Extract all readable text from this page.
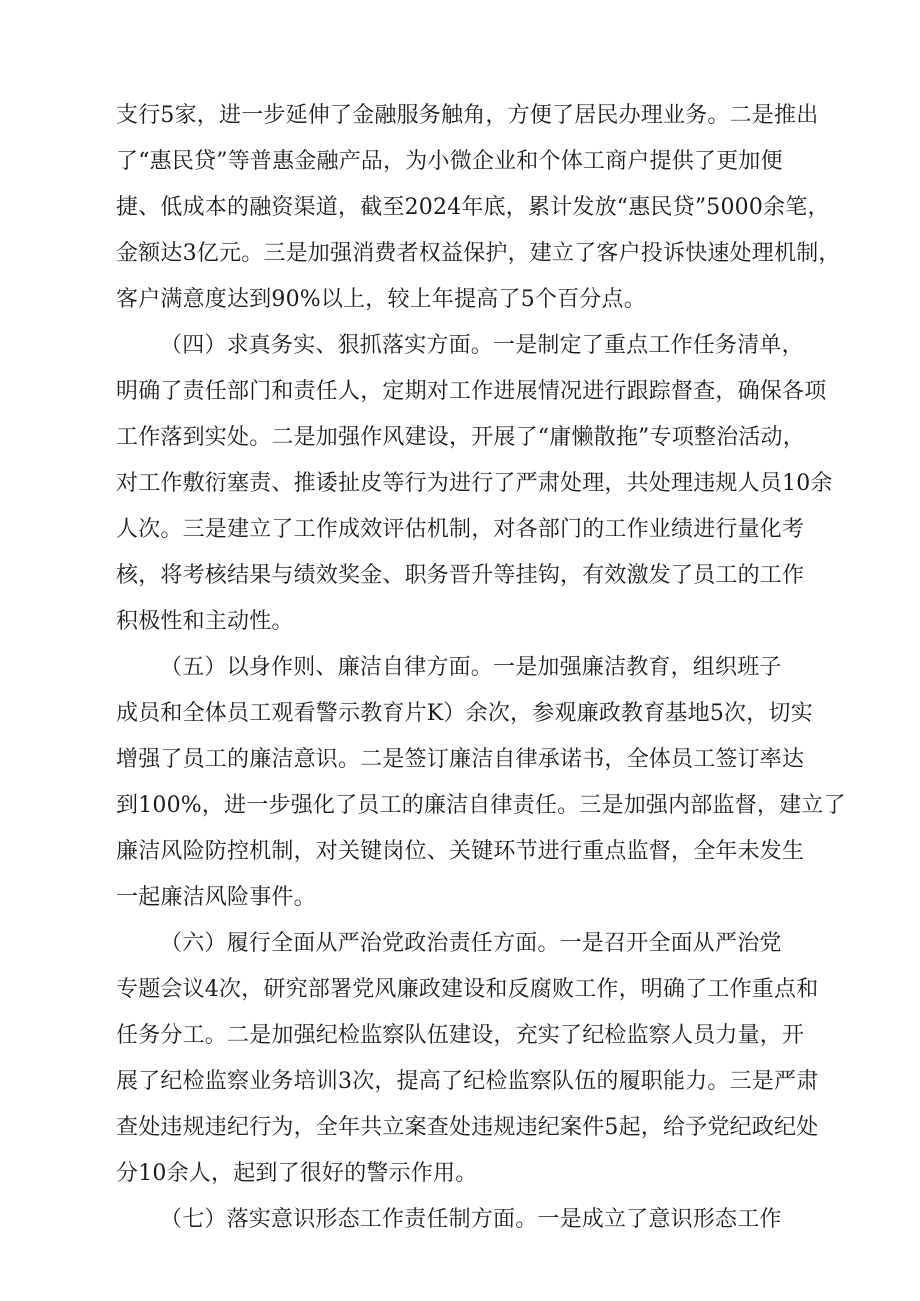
支行5家，进一步延伸了金融服务触角，方便了居民办理业务。二是推出
了“惠民贷”等普惠金融产品，为小微企业和个体工商户提供了更加便
捷、低成本的融资渠道，截至2024年底，累计发放“惠民贷”5000余笔，
金额达3亿元。三是加强消费者权益保护，建立了客户投诉快速处理机制，
客户满意度达到90%以上，较上年提高了5个百分点。
（四）求真务实、狠抓落实方面。一是制定了重点工作任务清单，
明确了责任部门和责任人，定期对工作进展情况进行跟踪督查，确保各项
工作落到实处。二是加强作风建设，开展了“庸懒散拖”专项整治活动，
对工作敷衍塞责、推诿扯皮等行为进行了严肃处理，共处理违规人员10余
人次。三是建立了工作成效评估机制，对各部门的工作业绩进行量化考
核，将考核结果与绩效奖金、职务晋升等挂钩，有效激发了员工的工作
积极性和主动性。
（五）以身作则、廉洁自律方面。一是加强廉洁教育，组织班子
成员和全体员工观看警示教育片K）余次，参观廉政教育基地5次，切实
增强了员工的廉洁意识。二是签订廉洁自律承诺书，全体员工签订率达
到100%，进一步强化了员工的廉洁自律责任。三是加强内部监督，建立了
廉洁风险防控机制，对关键岗位、关键环节进行重点监督，全年未发生
一起廉洁风险事件。
（六）履行全面从严治党政治责任方面。一是召开全面从严治党
专题会议4次，研究部署党风廉政建设和反腐败工作，明确了工作重点和
任务分工。二是加强纪检监察队伍建设，充实了纪检监察人员力量，开
展了纪检监察业务培训3次，提高了纪检监察队伍的履职能力。三是严肃
查处违规违纪行为，全年共立案查处违规违纪案件5起，给予党纪政纪处
分10余人，起到了很好的警示作用。
（七）落实意识形态工作责任制方面。一是成立了意识形态工作
